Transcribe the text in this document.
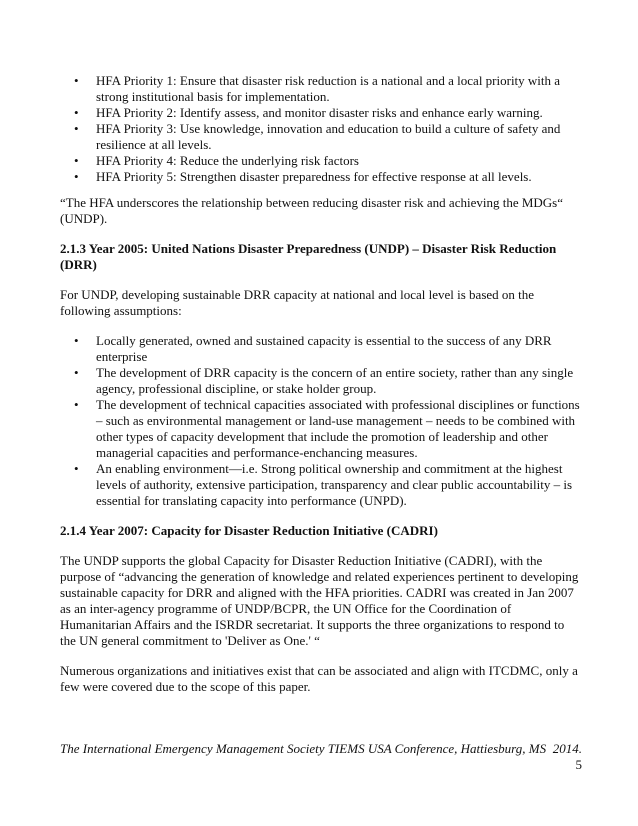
• HFA Priority 1: Ensure that disaster risk reduction is a national and a local priority with a strong institutional basis for implementation.
• HFA Priority 2: Identify assess, and monitor disaster risks and enhance early warning.
• HFA Priority 3: Use knowledge, innovation and education to build a culture of safety and resilience at all levels.
• HFA Priority 4: Reduce the underlying risk factors
• HFA Priority 5: Strengthen disaster preparedness for effective response at all levels.

“The HFA underscores the relationship between reducing disaster risk and achieving the MDGs“ (UNDP).

2.1.3 Year 2005: United Nations Disaster Preparedness (UNDP) – Disaster Risk Reduction (DRR)

For UNDP, developing sustainable DRR capacity at national and local level is based on the following assumptions:

• Locally generated, owned and sustained capacity is essential to the success of any DRR enterprise
• The development of DRR capacity is the concern of an entire society, rather than any single agency, professional discipline, or stake holder group.
• The development of technical capacities associated with professional disciplines or functions – such as environmental management or land-use management – needs to be combined with other types of capacity development that include the promotion of leadership and other managerial capacities and performance-enchancing measures.
• An enabling environment—i.e. Strong political ownership and commitment at the highest levels of authority, extensive participation, transparency and clear public accountability – is essential for translating capacity into performance (UNPD).

2.1.4 Year 2007: Capacity for Disaster Reduction Initiative (CADRI)

The UNDP supports the global Capacity for Disaster Reduction Initiative (CADRI), with the purpose of “advancing the generation of knowledge and related experiences pertinent to developing sustainable capacity for DRR and aligned with the HFA priorities. CADRI was created in Jan 2007 as an inter-agency programme of UNDP/BCPR, the UN Office for the Coordination of Humanitarian Affairs and the ISRDR secretariat. It supports the three organizations to respond to the UN general commitment to 'Deliver as One.' “

Numerous organizations and initiatives exist that can be associated and align with ITCDMC, only a few were covered due to the scope of this paper.

The International Emergency Management Society TIEMS USA Conference, Hattiesburg, MS 2014.
5
